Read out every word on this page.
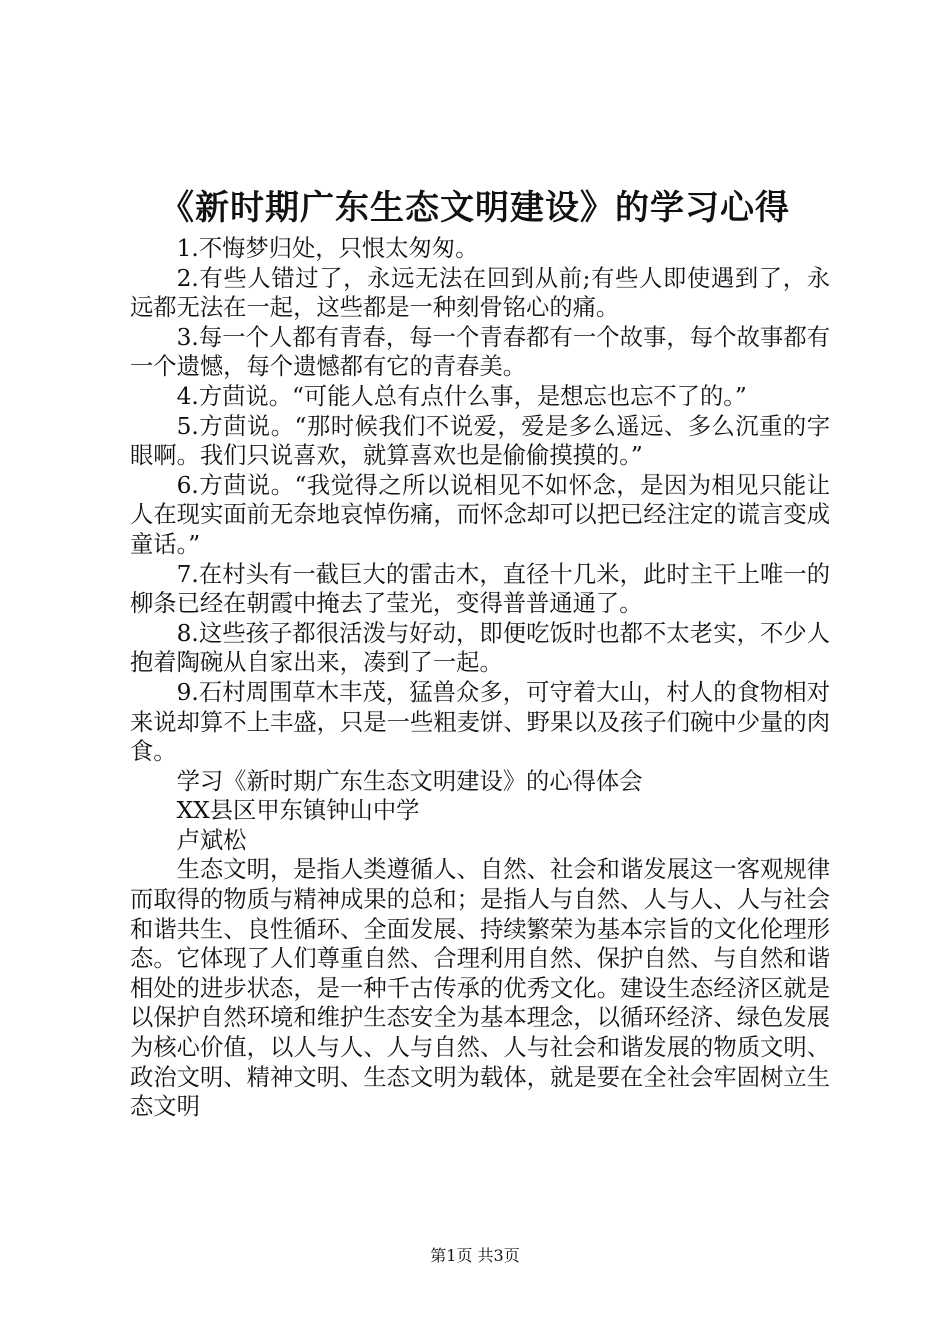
《新时期广东生态文明建设》的学习心得

1.不悔梦归处，只恨太匆匆。

2.有些人错过了，永远无法在回到从前;有些人即使遇到了，永远都无法在一起，这些都是一种刻骨铭心的痛。

3.每一个人都有青春，每一个青春都有一个故事，每个故事都有一个遗憾，每个遗憾都有它的青春美。

4.方茴说。“可能人总有点什么事，是想忘也忘不了的。”

5.方茴说。“那时候我们不说爱，爱是多么遥远、多么沉重的字眼啊。我们只说喜欢，就算喜欢也是偷偷摸摸的。”

6.方茴说。“我觉得之所以说相见不如怀念，是因为相见只能让人在现实面前无奈地哀悼伤痛，而怀念却可以把已经注定的谎言变成童话。”

7.在村头有一截巨大的雷击木，直径十几米，此时主干上唯一的柳条已经在朝霞中掩去了莹光，变得普普通通了。

8.这些孩子都很活泼与好动，即便吃饭时也都不太老实，不少人抱着陶碗从自家出来，凑到了一起。

9.石村周围草木丰茂，猛兽众多，可守着大山，村人的食物相对来说却算不上丰盛，只是一些粗麦饼、野果以及孩子们碗中少量的肉食。

学习《新时期广东生态文明建设》的心得体会

XX县区甲东镇钟山中学

卢斌松

生态文明，是指人类遵循人、自然、社会和谐发展这一客观规律而取得的物质与精神成果的总和；是指人与自然、人与人、人与社会和谐共生、良性循环、全面发展、持续繁荣为基本宗旨的文化伦理形态。它体现了人们尊重自然、合理利用自然、保护自然、与自然和谐相处的进步状态，是一种千古传承的优秀文化。建设生态经济区就是以保护自然环境和维护生态安全为基本理念，以循环经济、绿色发展为核心价值，以人与人、人与自然、人与社会和谐发展的物质文明、政治文明、精神文明、生态文明为载体，就是要在全社会牢固树立生态文明

第1页 共3页
